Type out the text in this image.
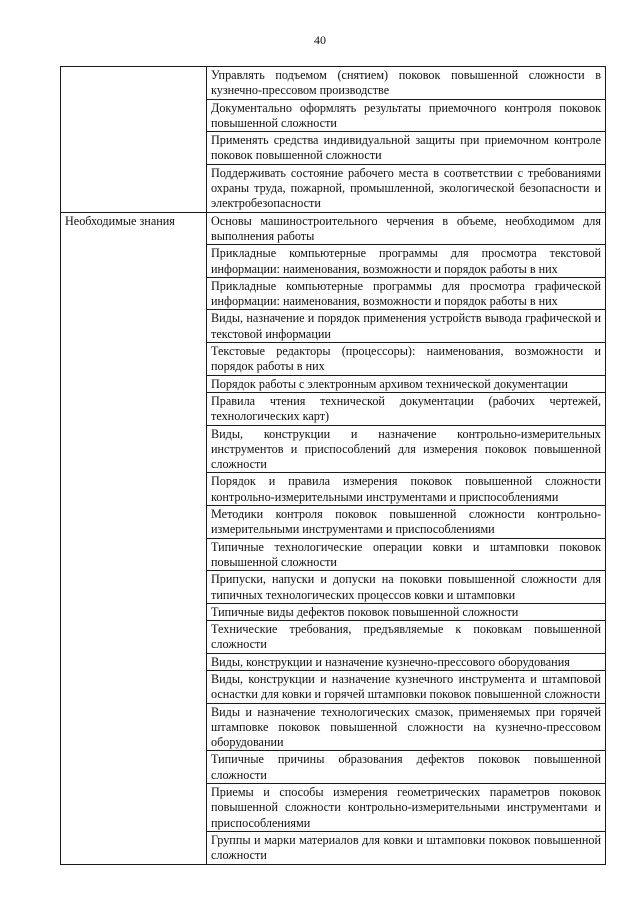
40
	Управлять подъемом (снятием) поковок повышенной сложности в кузнечно-прессовом производстве
	Документально оформлять результаты приемочного контроля поковок повышенной сложности
	Применять средства индивидуальной защиты при приемочном контроле поковок повышенной сложности
	Поддерживать состояние рабочего места в соответствии с требованиями охраны труда, пожарной, промышленной, экологической безопасности и электробезопасности
Необходимые знания	Основы машиностроительного черчения в объеме, необходимом для выполнения работы
	Прикладные компьютерные программы для просмотра текстовой информации: наименования, возможности и порядок работы в них
	Прикладные компьютерные программы для просмотра графической информации: наименования, возможности и порядок работы в них
	Виды, назначение и порядок применения устройств вывода графической и текстовой информации
	Текстовые редакторы (процессоры): наименования, возможности и порядок работы в них
	Порядок работы с электронным архивом технической документации
	Правила чтения технической документации (рабочих чертежей, технологических карт)
	Виды, конструкции и назначение контрольно-измерительных инструментов и приспособлений для измерения поковок повышенной сложности
	Порядок и правила измерения поковок повышенной сложности контрольно-измерительными инструментами и приспособлениями
	Методики контроля поковок повышенной сложности контрольно-измерительными инструментами и приспособлениями
	Типичные технологические операции ковки и штамповки поковок повышенной сложности
	Припуски, напуски и допуски на поковки повышенной сложности для типичных технологических процессов ковки и штамповки
	Типичные виды дефектов поковок повышенной сложности
	Технические требования, предъявляемые к поковкам повышенной сложности
	Виды, конструкции и назначение кузнечно-прессового оборудования
	Виды, конструкции и назначение кузнечного инструмента и штамповой оснастки для ковки и горячей штамповки поковок повышенной сложности
	Виды и назначение технологических смазок, применяемых при горячей штамповке поковок повышенной сложности на кузнечно-прессовом оборудовании
	Типичные причины образования дефектов поковок повышенной сложности
	Приемы и способы измерения геометрических параметров поковок повышенной сложности контрольно-измерительными инструментами и приспособлениями
	Группы и марки материалов для ковки и штамповки поковок повышенной сложности
